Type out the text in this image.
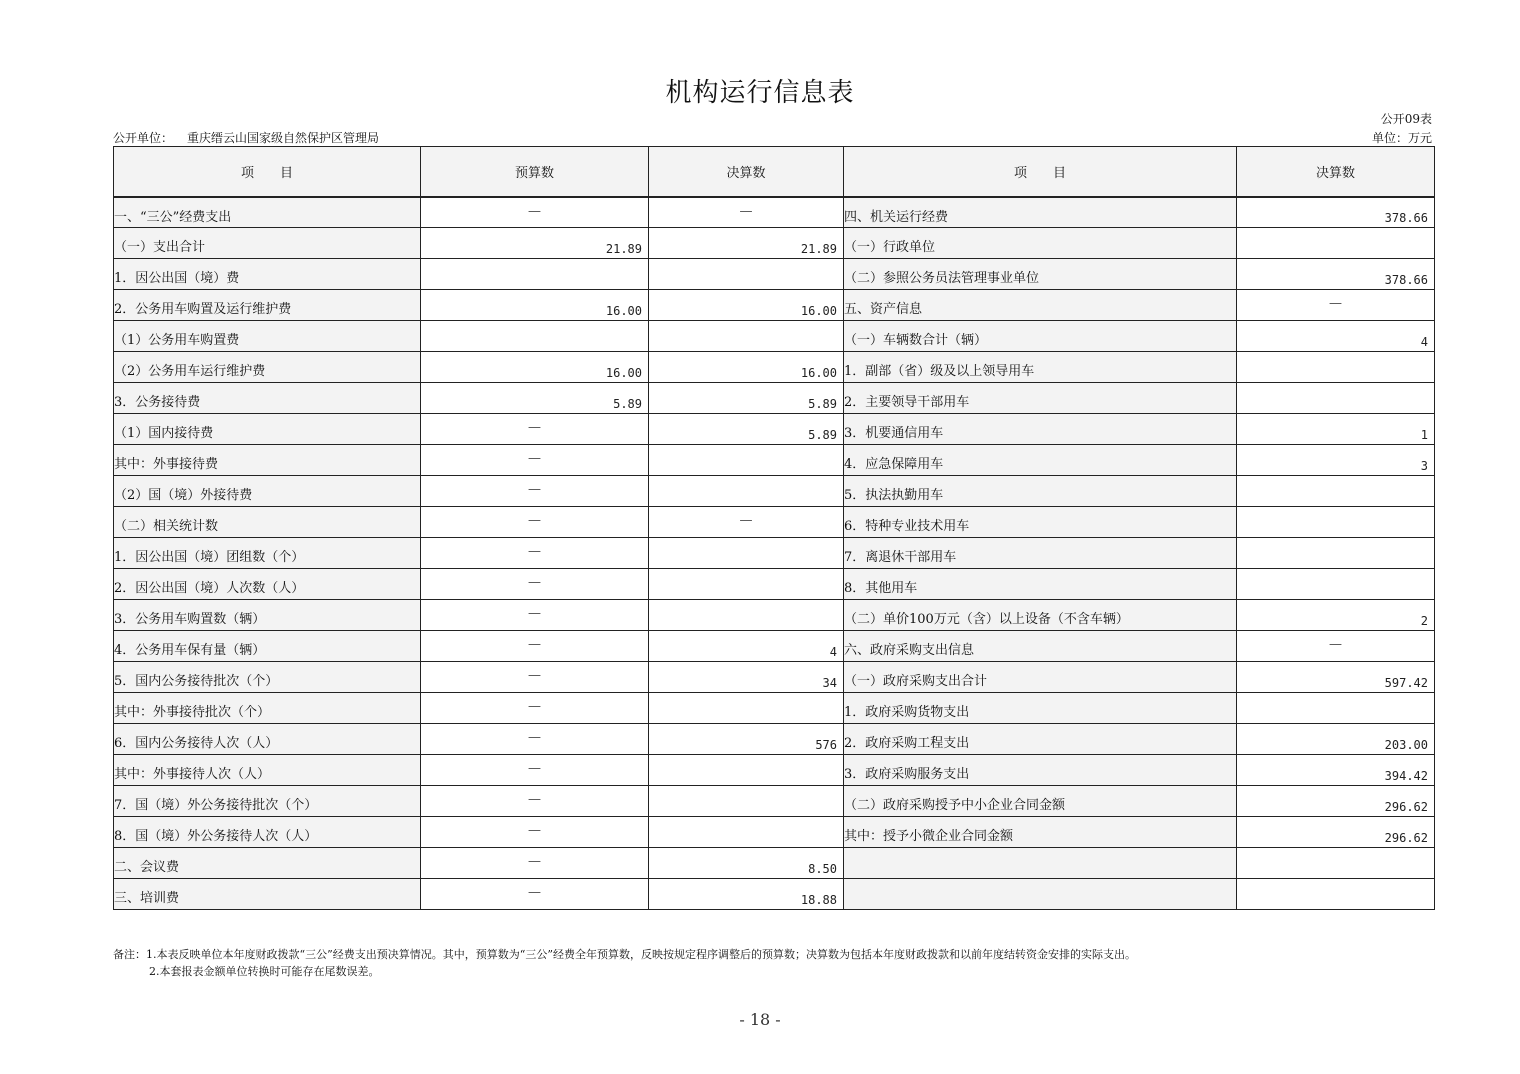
机构运行信息表
公开09表
公开单位： 重庆缙云山国家级自然保护区管理局	单位：万元
项　　目	预算数	决算数	项　　目	决算数
一、“三公”经费支出	—	—	四、机关运行经费	378.66
（一）支出合计	21.89	21.89	（一）行政单位	
1．因公出国（境）费			（二）参照公务员法管理事业单位	378.66
2．公务用车购置及运行维护费	16.00	16.00	五、资产信息	—
（1）公务用车购置费			（一）车辆数合计（辆）	4
（2）公务用车运行维护费	16.00	16.00	1．副部（省）级及以上领导用车	
3．公务接待费	5.89	5.89	2．主要领导干部用车	
（1）国内接待费	—	5.89	3．机要通信用车	1
其中：外事接待费	—		4．应急保障用车	3
（2）国（境）外接待费	—		5．执法执勤用车	
（二）相关统计数	—	—	6．特种专业技术用车	
1．因公出国（境）团组数（个）	—		7．离退休干部用车	
2．因公出国（境）人次数（人）	—		8．其他用车	
3．公务用车购置数（辆）	—		（二）单价100万元（含）以上设备（不含车辆）	2
4．公务用车保有量（辆）	—	4	六、政府采购支出信息	—
5．国内公务接待批次（个）	—	34	（一）政府采购支出合计	597.42
其中：外事接待批次（个）	—		1．政府采购货物支出	
6．国内公务接待人次（人）	—	576	2．政府采购工程支出	203.00
其中：外事接待人次（人）	—		3．政府采购服务支出	394.42
7．国（境）外公务接待批次（个）	—		（二）政府采购授予中小企业合同金额	296.62
8．国（境）外公务接待人次（人）	—		其中：授予小微企业合同金额	296.62
二、会议费	—	8.50		
三、培训费	—	18.88		
备注：1.本表反映单位本年度财政拨款“三公”经费支出预决算情况。其中，预算数为“三公”经费全年预算数，反映按规定程序调整后的预算数；决算数为包括本年度财政拨款和以前年度结转资金安排的实际支出。
2.本套报表金额单位转换时可能存在尾数误差。
- 18 -
